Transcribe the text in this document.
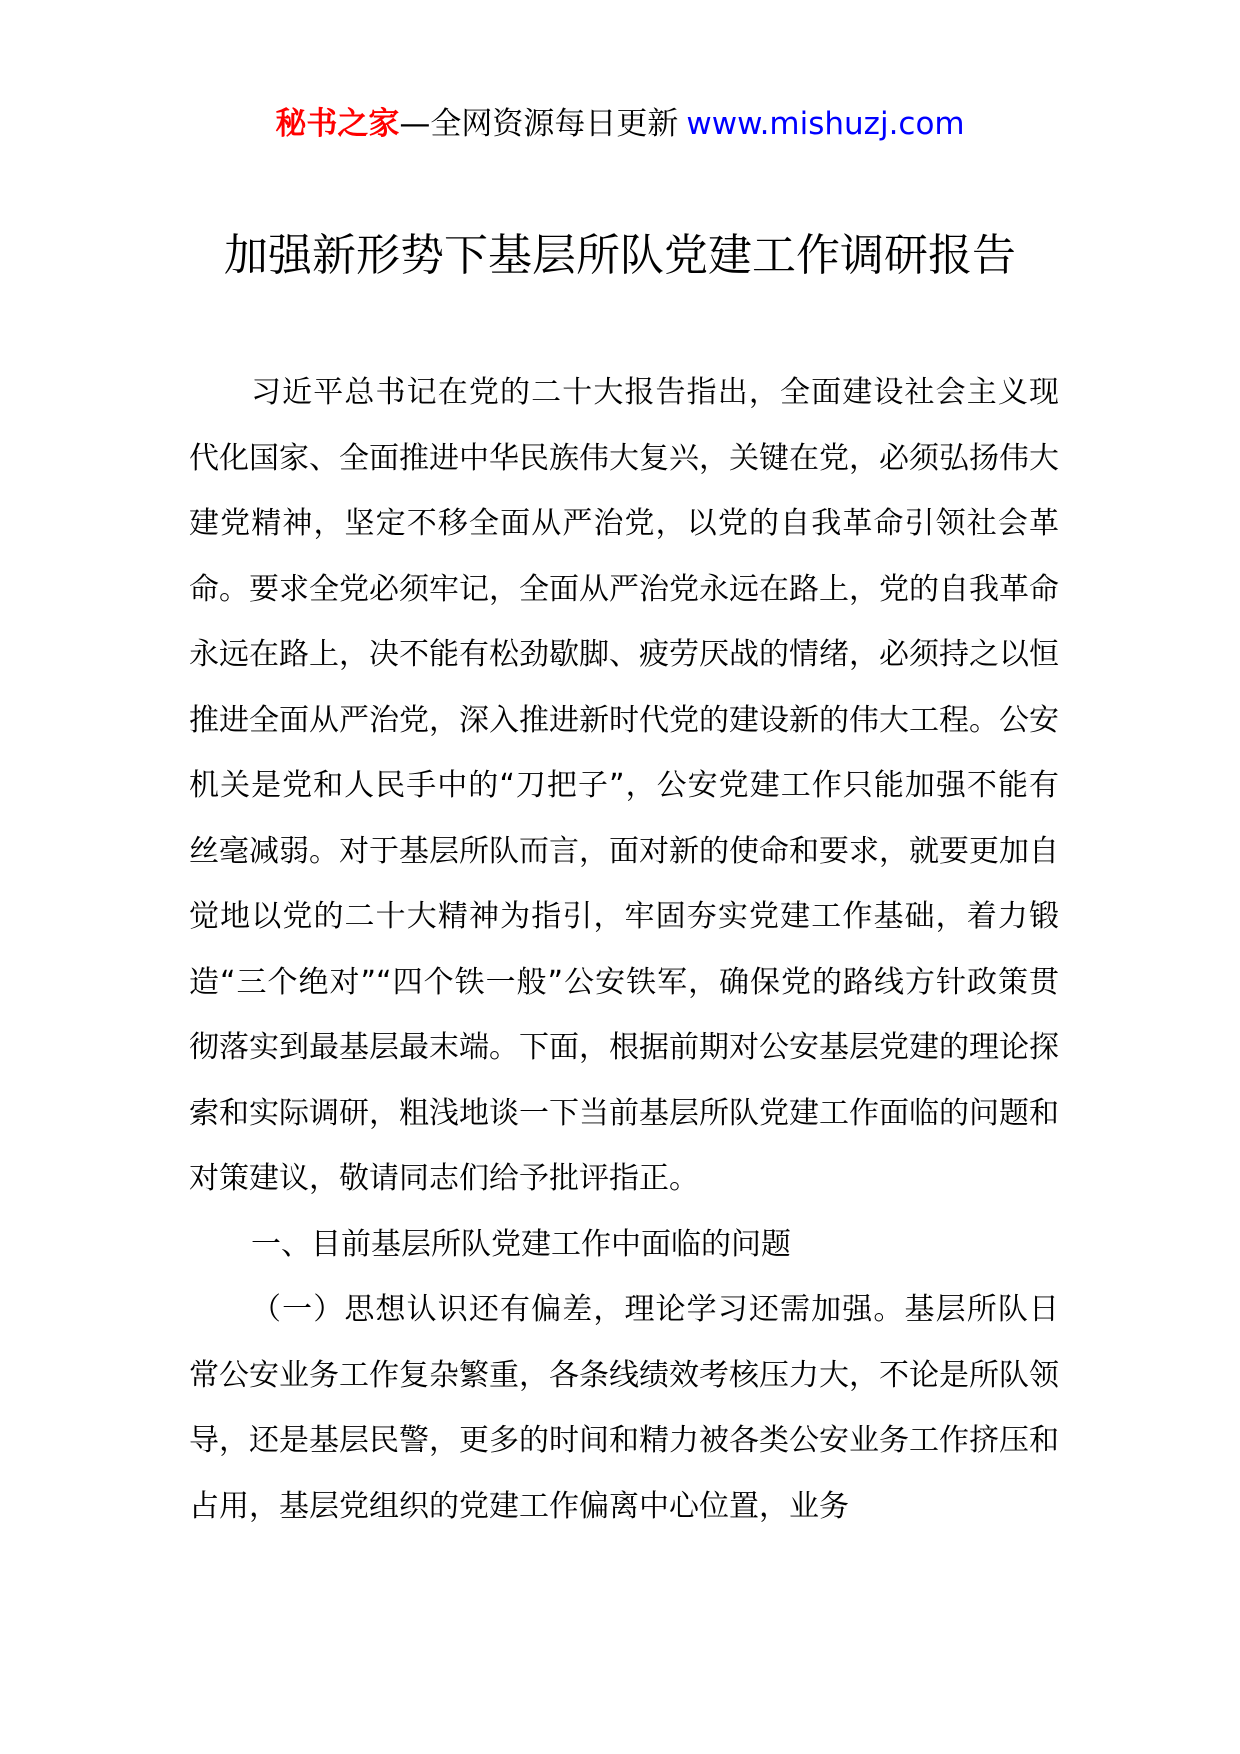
秘书之家—全网资源每日更新 www.mishuzj.com
加强新形势下基层所队党建工作调研报告

习近平总书记在党的二十大报告指出，全面建设社会主义现代化国家、全面推进中华民族伟大复兴，关键在党，必须弘扬伟大建党精神，坚定不移全面从严治党，以党的自我革命引领社会革命。要求全党必须牢记，全面从严治党永远在路上，党的自我革命永远在路上，决不能有松劲歇脚、疲劳厌战的情绪，必须持之以恒推进全面从严治党，深入推进新时代党的建设新的伟大工程。公安机关是党和人民手中的“刀把子”，公安党建工作只能加强不能有丝毫减弱。对于基层所队而言，面对新的使命和要求，就要更加自觉地以党的二十大精神为指引，牢固夯实党建工作基础，着力锻造“三个绝对”“四个铁一般”公安铁军，确保党的路线方针政策贯彻落实到最基层最末端。下面，根据前期对公安基层党建的理论探索和实际调研，粗浅地谈一下当前基层所队党建工作面临的问题和对策建议，敬请同志们给予批评指正。

一、目前基层所队党建工作中面临的问题

（一）思想认识还有偏差，理论学习还需加强。基层所队日常公安业务工作复杂繁重，各条线绩效考核压力大，不论是所队领导，还是基层民警，更多的时间和精力被各类公安业务工作挤压和占用，基层党组织的党建工作偏离中心位置，业务
